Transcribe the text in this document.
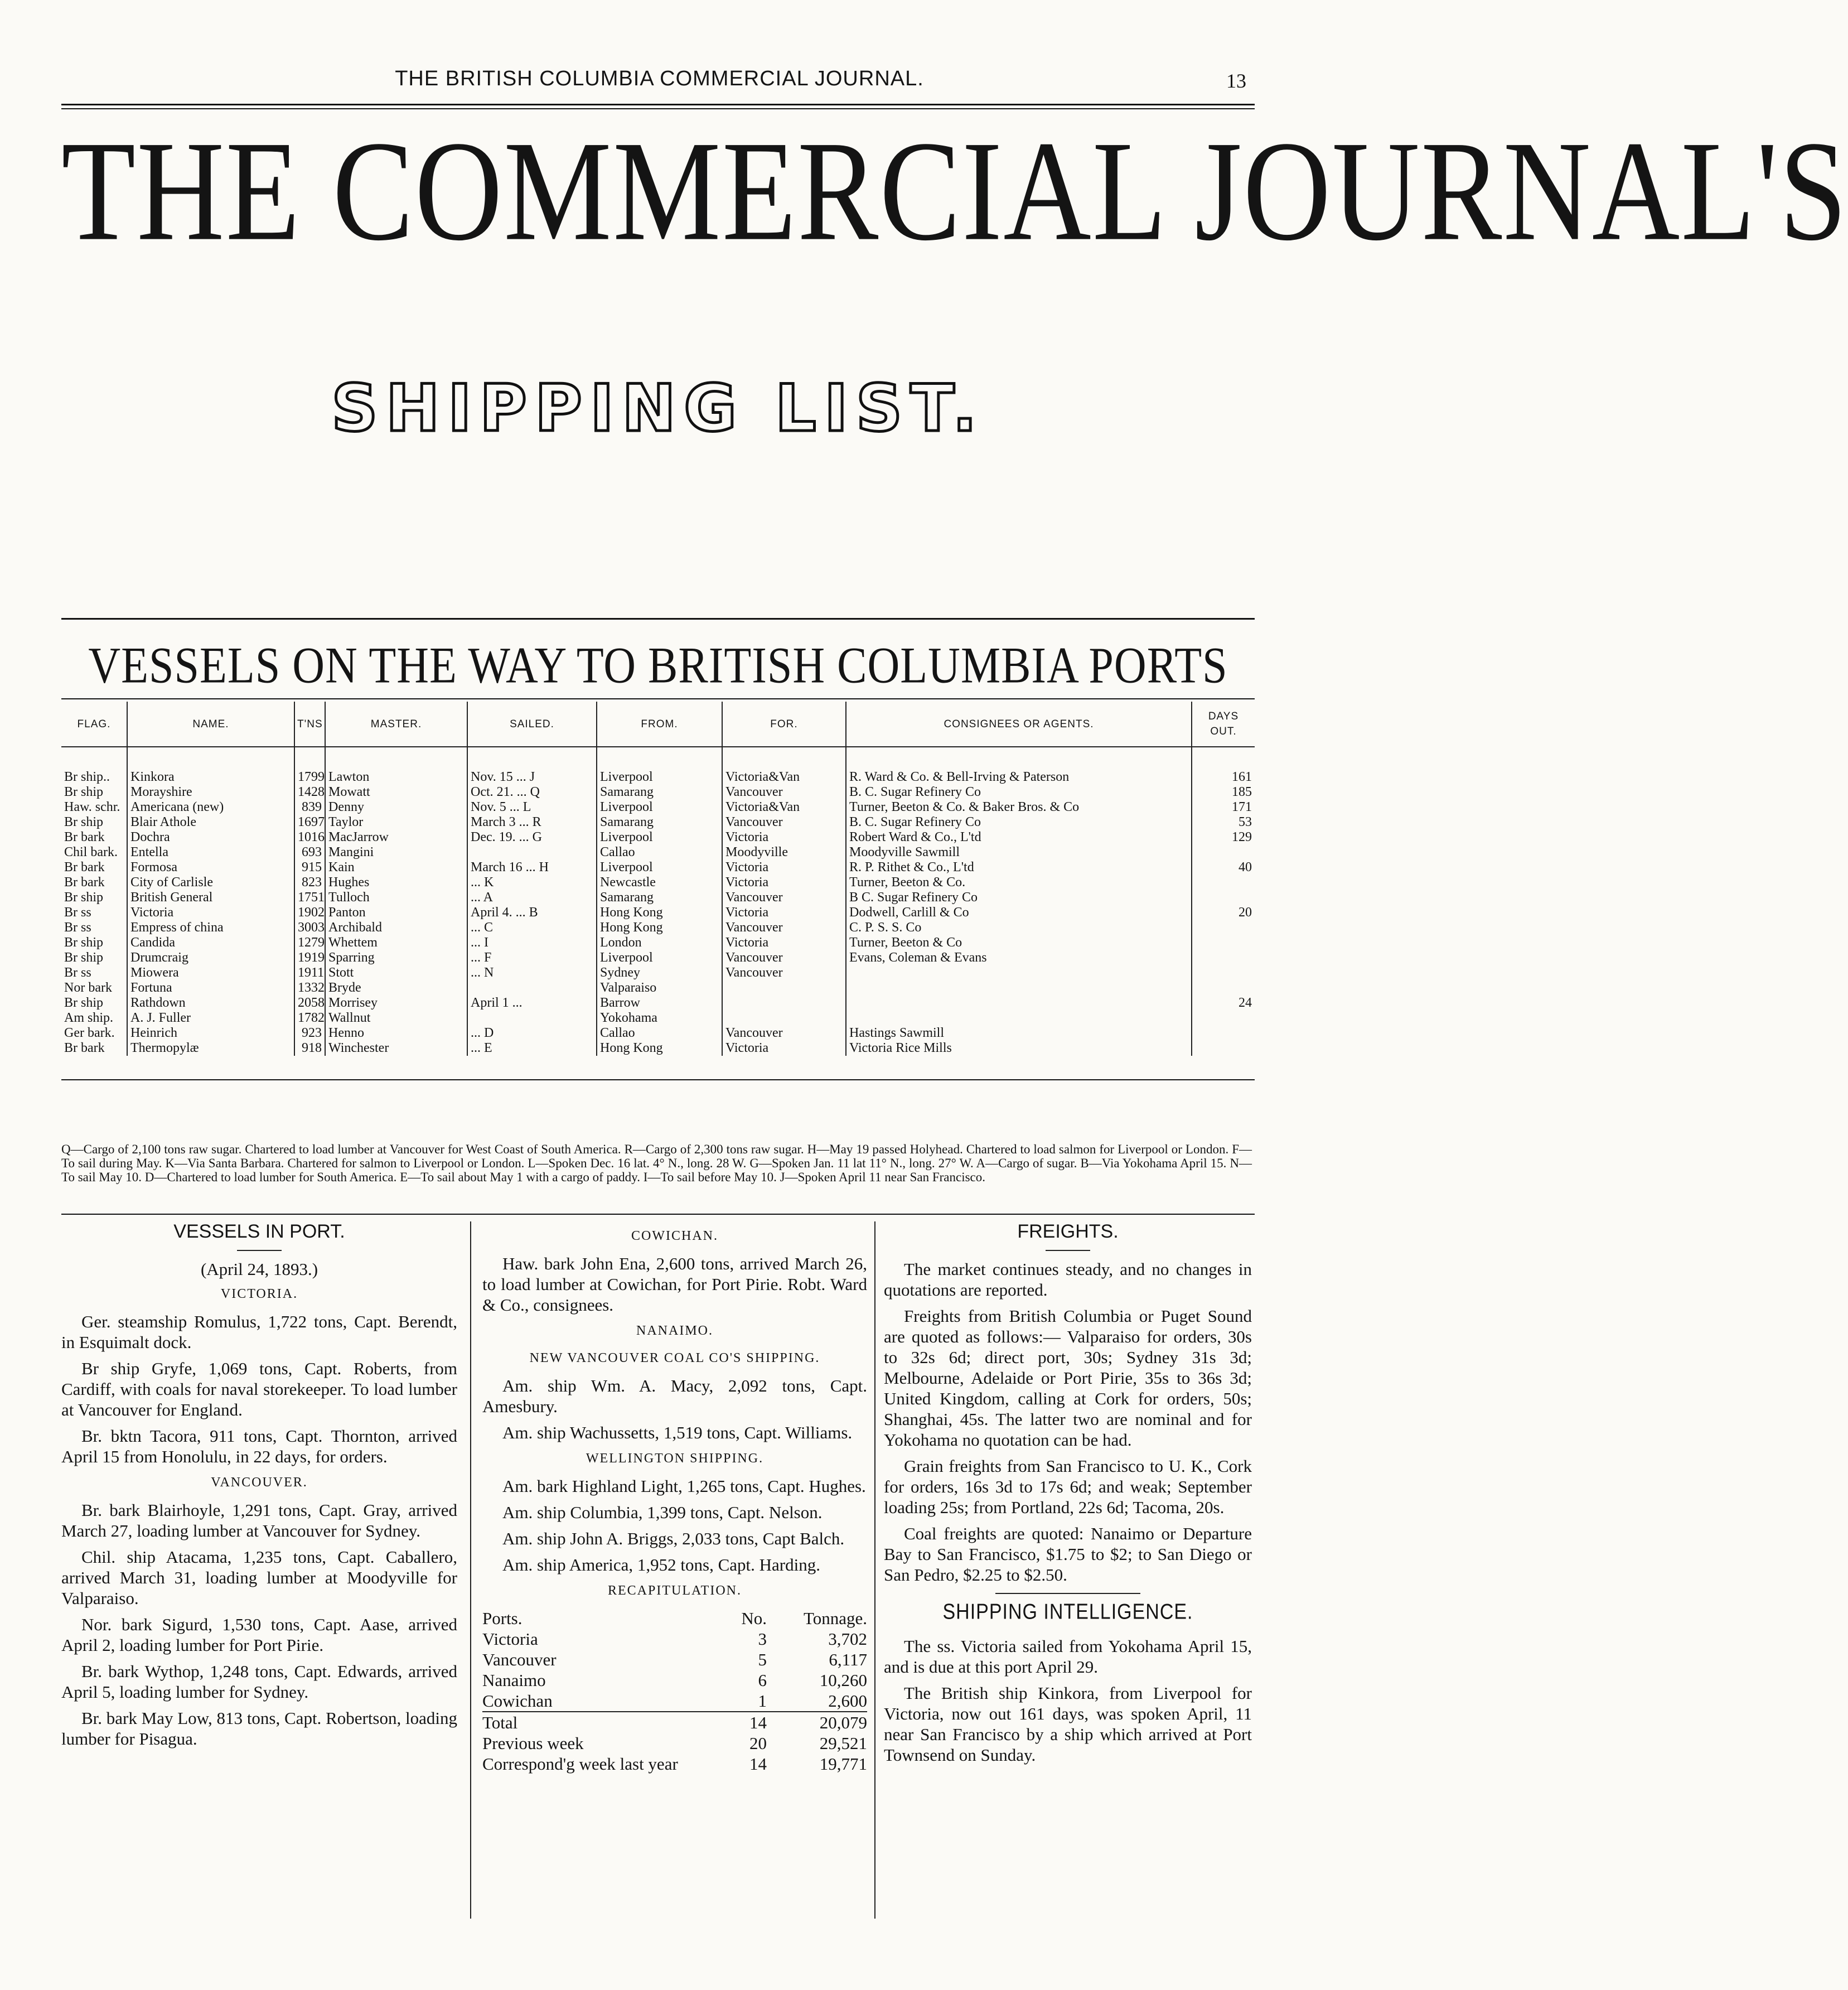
THE BRITISH COLUMBIA COMMERCIAL JOURNAL.	13
THE COMMERCIAL JOURNAL'S
SHIPPING LIST.
VESSELS ON THE WAY TO BRITISH COLUMBIA PORTS
FLAG.	NAME.	T'NS	MASTER.	SAILED.	FROM.	FOR.	CONSIGNEES OR AGENTS.	DAYS OUT.
Br ship..	Kinkora	1799	Lawton	Nov. 15 ... J	Liverpool	Victoria&Van	R. Ward & Co. & Bell-Irving & Paterson	161
Br ship	Morayshire	1428	Mowatt	Oct. 21. ... Q	Samarang	Vancouver	B. C. Sugar Refinery Co	185
Haw. schr.	Americana (new)	839	Denny	Nov. 5 ... L	Liverpool	Victoria&Van	Turner, Beeton & Co. & Baker Bros. & Co	171
Br ship	Blair Athole	1697	Taylor	March 3 ... R	Samarang	Vancouver	B. C. Sugar Refinery Co	53
Br bark	Dochra	1016	MacJarrow	Dec. 19. ... G	Liverpool	Victoria	Robert Ward & Co., L'td	129
Chil bark.	Entella	693	Mangini		Callao	Moodyville	Moodyville Sawmill	
Br bark	Formosa	915	Kain	March 16 ... H	Liverpool	Victoria	R. P. Rithet & Co., L'td	40
Br bark	City of Carlisle	823	Hughes	... K	Newcastle	Victoria	Turner, Beeton & Co.	
Br ship	British General	1751	Tulloch	... A	Samarang	Vancouver	B C. Sugar Refinery Co	
Br ss	Victoria	1902	Panton	April 4. ... B	Hong Kong	Victoria	Dodwell, Carlill & Co	20
Br ss	Empress of china	3003	Archibald	... C	Hong Kong	Vancouver	C. P. S. S. Co	
Br ship	Candida	1279	Whettem	... I	London	Victoria	Turner, Beeton & Co	
Br ship	Drumcraig	1919	Sparring	... F	Liverpool	Vancouver	Evans, Coleman & Evans	
Br ss	Miowera	1911	Stott	... N	Sydney	Vancouver		
Nor bark	Fortuna	1332	Bryde		Valparaiso			
Br ship	Rathdown	2058	Morrisey	April 1 ...	Barrow			24
Am ship.	A. J. Fuller	1782	Wallnut		Yokohama			
Ger bark.	Heinrich	923	Henno	... D	Callao	Vancouver	Hastings Sawmill	
Br bark	Thermopylæ	918	Winchester	... E	Hong Kong	Victoria	Victoria Rice Mills	
Q—Cargo of 2,100 tons raw sugar. Chartered to load lumber at Vancouver for West Coast of South America. R—Cargo of 2,300 tons raw sugar. H—May 19 passed Holyhead. Chartered to load salmon for Liverpool or London. F—To sail during May. K—Via Santa Barbara. Chartered for salmon to Liverpool or London. L—Spoken Dec. 16 lat. 4° N., long. 28 W. G—Spoken Jan. 11 lat 11° N., long. 27° W. A—Cargo of sugar. B—Via Yokohama April 15. N—To sail May 10. D—Chartered to load lumber for South America. E—To sail about May 1 with a cargo of paddy. I—To sail before May 10. J—Spoken April 11 near San Francisco.
VESSELS IN PORT.
(April 24, 1893.)
VICTORIA.

Ger. steamship Romulus, 1,722 tons, Capt. Berendt, in Esquimalt dock.

Br ship Gryfe, 1,069 tons, Capt. Roberts, from Cardiff, with coals for naval storekeeper. To load lumber at Vancouver for England.

Br. bktn Tacora, 911 tons, Capt. Thornton, arrived April 15 from Honolulu, in 22 days, for orders.

VANCOUVER.

Br. bark Blairhoyle, 1,291 tons, Capt. Gray, arrived March 27, loading lumber at Vancouver for Sydney.

Chil. ship Atacama, 1,235 tons, Capt. Caballero, arrived March 31, loading lumber at Moodyville for Valparaiso.

Nor. bark Sigurd, 1,530 tons, Capt. Aase, arrived April 2, loading lumber for Port Pirie.

Br. bark Wythop, 1,248 tons, Capt. Edwards, arrived April 5, loading lumber for Sydney.

Br. bark May Low, 813 tons, Capt. Robertson, loading lumber for Pisagua.

COWICHAN.

Haw. bark John Ena, 2,600 tons, arrived March 26, to load lumber at Cowichan, for Port Pirie. Robt. Ward & Co., consignees.

NANAIMO.
NEW VANCOUVER COAL CO'S SHIPPING.

Am. ship Wm. A. Macy, 2,092 tons, Capt. Amesbury.

Am. ship Wachussetts, 1,519 tons, Capt. Williams.

WELLINGTON SHIPPING.

Am. bark Highland Light, 1,265 tons, Capt. Hughes.

Am. ship Columbia, 1,399 tons, Capt. Nelson.

Am. ship John A. Briggs, 2,033 tons, Capt Balch.

Am. ship America, 1,952 tons, Capt. Harding.

RECAPITULATION.
Ports.	No.	Tonnage.
Victoria	3	3,702
Vancouver	5	6,117
Nanaimo	6	10,260
Cowichan	1	2,600
Total	14	20,079
Previous week	20	29,521
Correspond'g week last year	14	19,771
FREIGHTS.

The market continues steady, and no changes in quotations are reported.

Freights from British Columbia or Puget Sound are quoted as follows:— Valparaiso for orders, 30s to 32s 6d; direct port, 30s; Sydney 31s 3d; Melbourne, Adelaide or Port Pirie, 35s to 36s 3d; United Kingdom, calling at Cork for orders, 50s; Shanghai, 45s. The latter two are nominal and for Yokohama no quotation can be had.

Grain freights from San Francisco to U. K., Cork for orders, 16s 3d to 17s 6d; and weak; September loading 25s; from Portland, 22s 6d; Tacoma, 20s.

Coal freights are quoted: Nanaimo or Departure Bay to San Francisco, $1.75 to $2; to San Diego or San Pedro, $2.25 to $2.50.

SHIPPING INTELLIGENCE.

The ss. Victoria sailed from Yokohama April 15, and is due at this port April 29.

The British ship Kinkora, from Liverpool for Victoria, now out 161 days, was spoken April, 11 near San Francisco by a ship which arrived at Port Townsend on Sunday.
